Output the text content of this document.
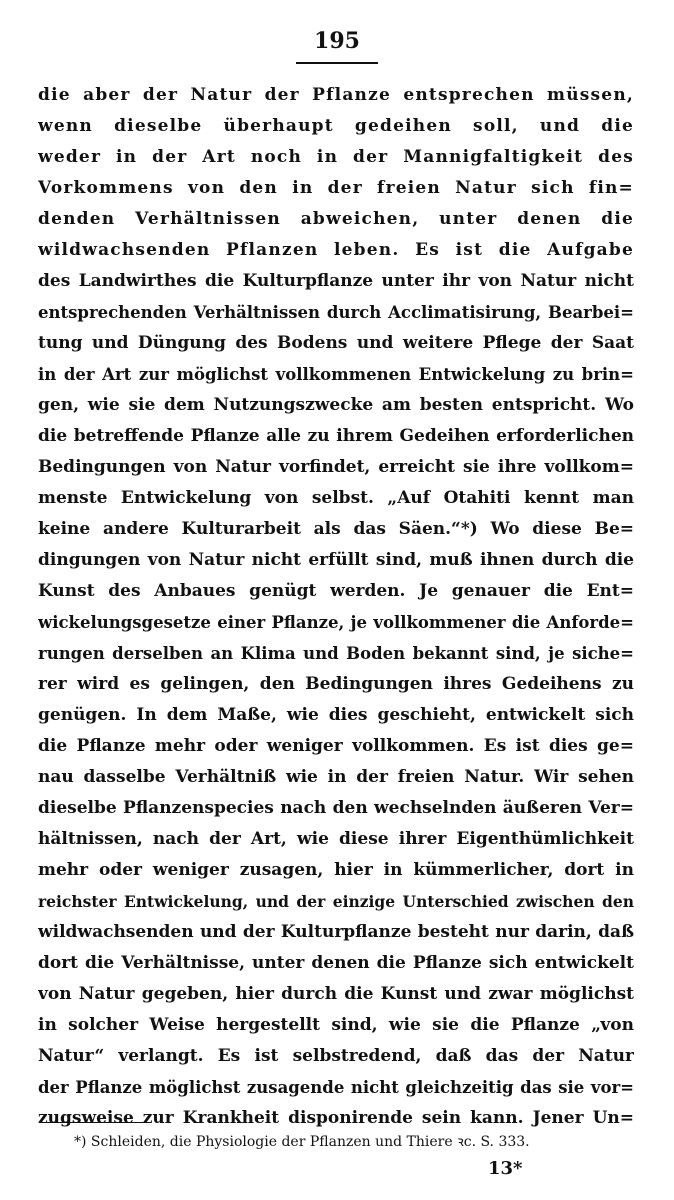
195
die aber der Natur der Pflanze entsprechen müssen,
wenn dieselbe überhaupt gedeihen soll, und die
weder in der Art noch in der Mannigfaltigkeit des
Vorkommens von den in der freien Natur sich fin=
denden Verhältnissen abweichen, unter denen die
wildwachsenden Pflanzen leben. Es ist die Aufgabe
des Landwirthes die Kulturpflanze unter ihr von Natur nicht
entsprechenden Verhältnissen durch Acclimatisirung, Bearbei=
tung und Düngung des Bodens und weitere Pflege der Saat
in der Art zur möglichst vollkommenen Entwickelung zu brin=
gen, wie sie dem Nutzungszwecke am besten entspricht. Wo
die betreffende Pflanze alle zu ihrem Gedeihen erforderlichen
Bedingungen von Natur vorfindet, erreicht sie ihre vollkom=
menste Entwickelung von selbst. „Auf Otahiti kennt man
keine andere Kulturarbeit als das Säen.“*) Wo diese Be=
dingungen von Natur nicht erfüllt sind, muß ihnen durch die
Kunst des Anbaues genügt werden. Je genauer die Ent=
wickelungsgesetze einer Pflanze, je vollkommener die Anforde=
rungen derselben an Klima und Boden bekannt sind, je siche=
rer wird es gelingen, den Bedingungen ihres Gedeihens zu
genügen. In dem Maße, wie dies geschieht, entwickelt sich
die Pflanze mehr oder weniger vollkommen. Es ist dies ge=
nau dasselbe Verhältniß wie in der freien Natur. Wir sehen
dieselbe Pflanzenspecies nach den wechselnden äußeren Ver=
hältnissen, nach der Art, wie diese ihrer Eigenthümlichkeit
mehr oder weniger zusagen, hier in kümmerlicher, dort in
reichster Entwickelung, und der einzige Unterschied zwischen den
wildwachsenden und der Kulturpflanze besteht nur darin, daß
dort die Verhältnisse, unter denen die Pflanze sich entwickelt
von Natur gegeben, hier durch die Kunst und zwar möglichst
in solcher Weise hergestellt sind, wie sie die Pflanze „von
Natur“ verlangt. Es ist selbstredend, daß das der Natur
der Pflanze möglichst zusagende nicht gleichzeitig das sie vor=
zugsweise zur Krankheit disponirende sein kann. Jener Un=
*) Schleiden, die Physiologie der Pflanzen und Thiere ꝛc. S. 333.
13*
